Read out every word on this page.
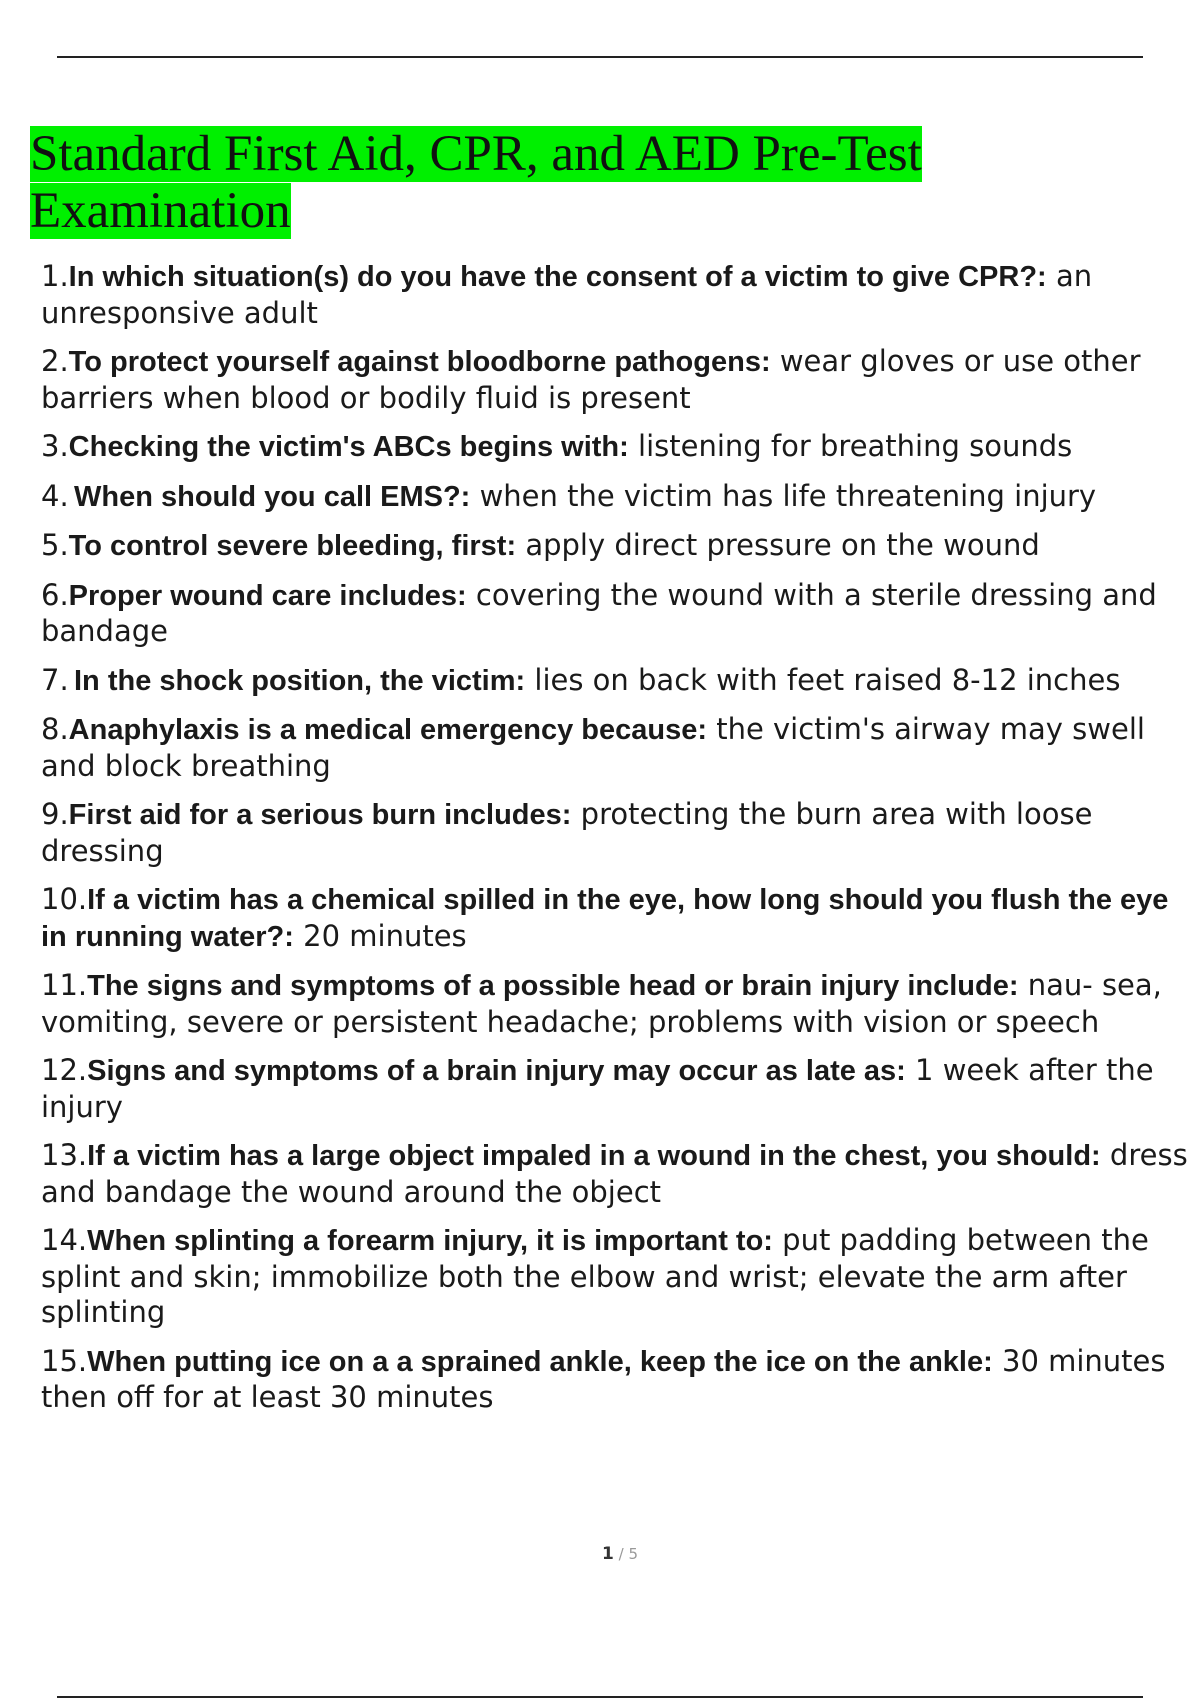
Standard First Aid, CPR, and AED Pre-Test Examination
1.In which situation(s) do you have the consent of a victim to give CPR?: an unresponsive adult
2.To protect yourself against bloodborne pathogens: wear gloves or use other barriers when blood or bodily fluid is present
3.Checking the victim's ABCs begins with: listening for breathing sounds
4. When should you call EMS?: when the victim has life threatening injury
5.To control severe bleeding, first: apply direct pressure on the wound
6.Proper wound care includes: covering the wound with a sterile dressing and bandage
7. In the shock position, the victim: lies on back with feet raised 8-12 inches
8.Anaphylaxis is a medical emergency because: the victim's airway may swell and block breathing
9.First aid for a serious burn includes: protecting the burn area with loose dressing
10.If a victim has a chemical spilled in the eye, how long should you flush the eye in running water?: 20 minutes
11.The signs and symptoms of a possible head or brain injury include: nau- sea, vomiting, severe or persistent headache; problems with vision or speech
12.Signs and symptoms of a brain injury may occur as late as: 1 week after the injury
13.If a victim has a large object impaled in a wound in the chest, you should: dress and bandage the wound around the object
14.When splinting a forearm injury, it is important to: put padding between the splint and skin; immobilize both the elbow and wrist; elevate the arm after splinting
15.When putting ice on a a sprained ankle, keep the ice on the ankle: 30 minutes then off for at least 30 minutes
1 / 5
